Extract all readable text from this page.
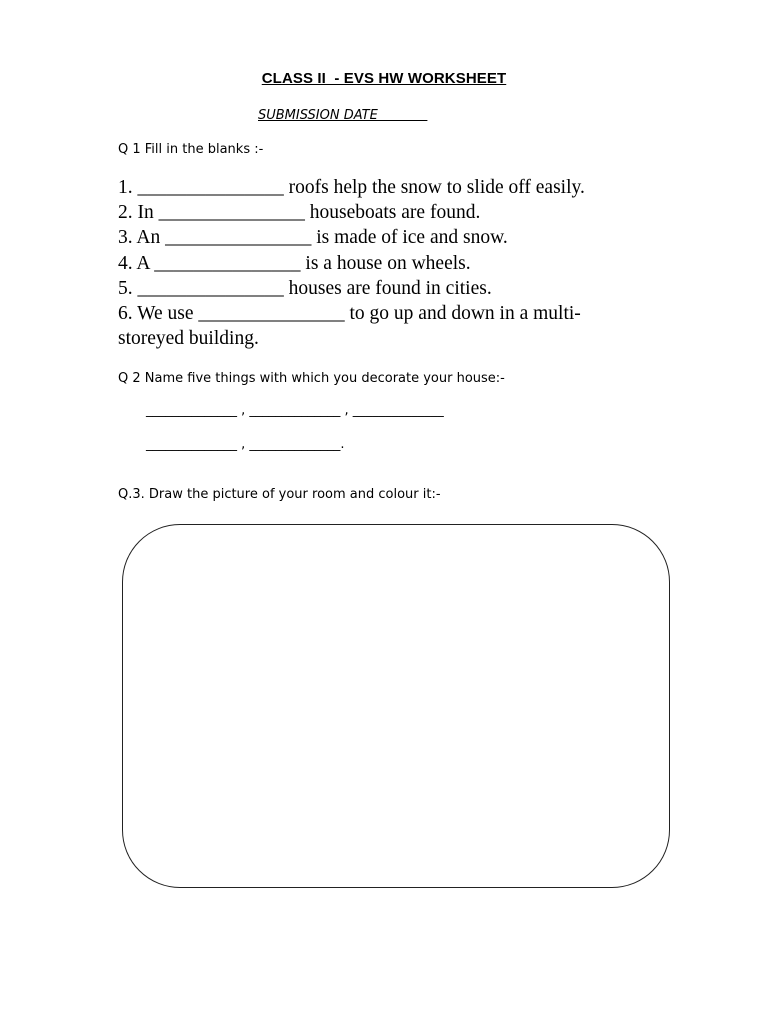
CLASS II  - EVS HW WORKSHEET
SUBMISSION DATE
Q 1 Fill in the blanks :-
1. _______________ roofs help the snow to slide off easily.
2. In _______________ houseboats are found.
3. An _______________ is made of ice and snow.
4. A _______________ is a house on wheels.
5. _______________ houses are found in cities.
6. We use _______________ to go up and down in a multi-
storeyed building.
Q 2 Name five things with which you decorate your house:-
______________ , ______________ , ______________
______________ , ______________.
Q.3. Draw the picture of your room and colour it:-
